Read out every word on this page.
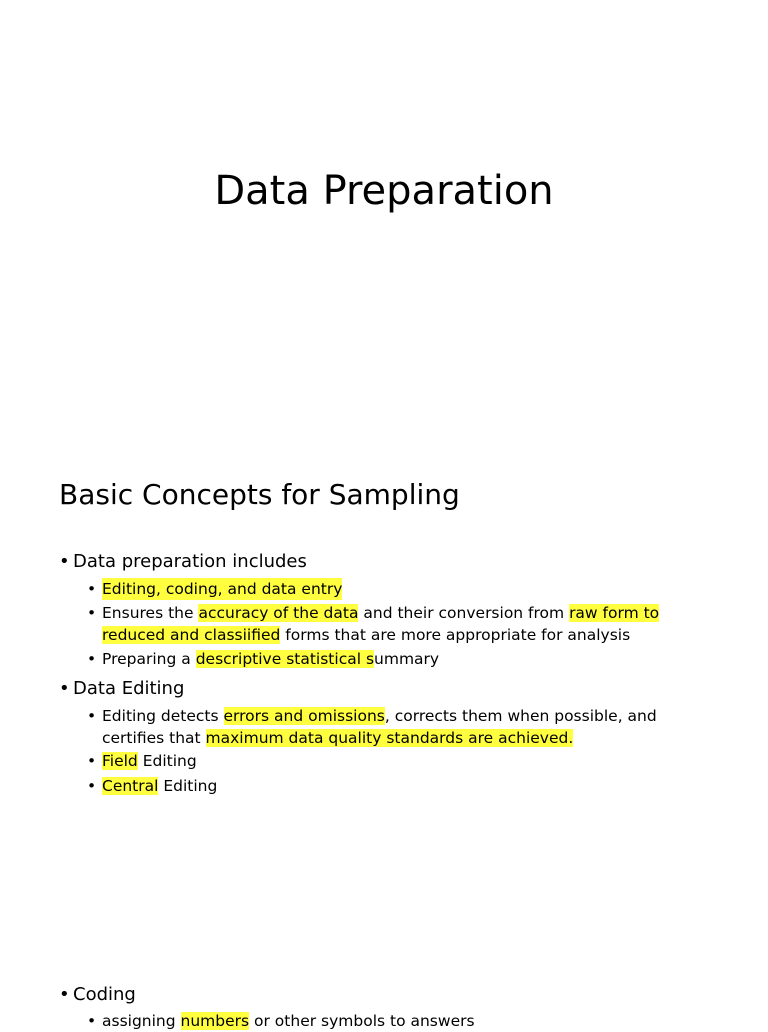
Data Preparation
Basic Concepts for Sampling
• Data preparation includes
• Editing, coding, and data entry
• Ensures the accuracy of the data and their conversion from raw form to
reduced and classiified forms that are more appropriate for analysis
• Preparing a descriptive statistical summary
• Data Editing
• Editing detects errors and omissions, corrects them when possible, and
certifies that maximum data quality standards are achieved.
• Field Editing
• Central Editing
• Coding
• assigning numbers or other symbols to answers
